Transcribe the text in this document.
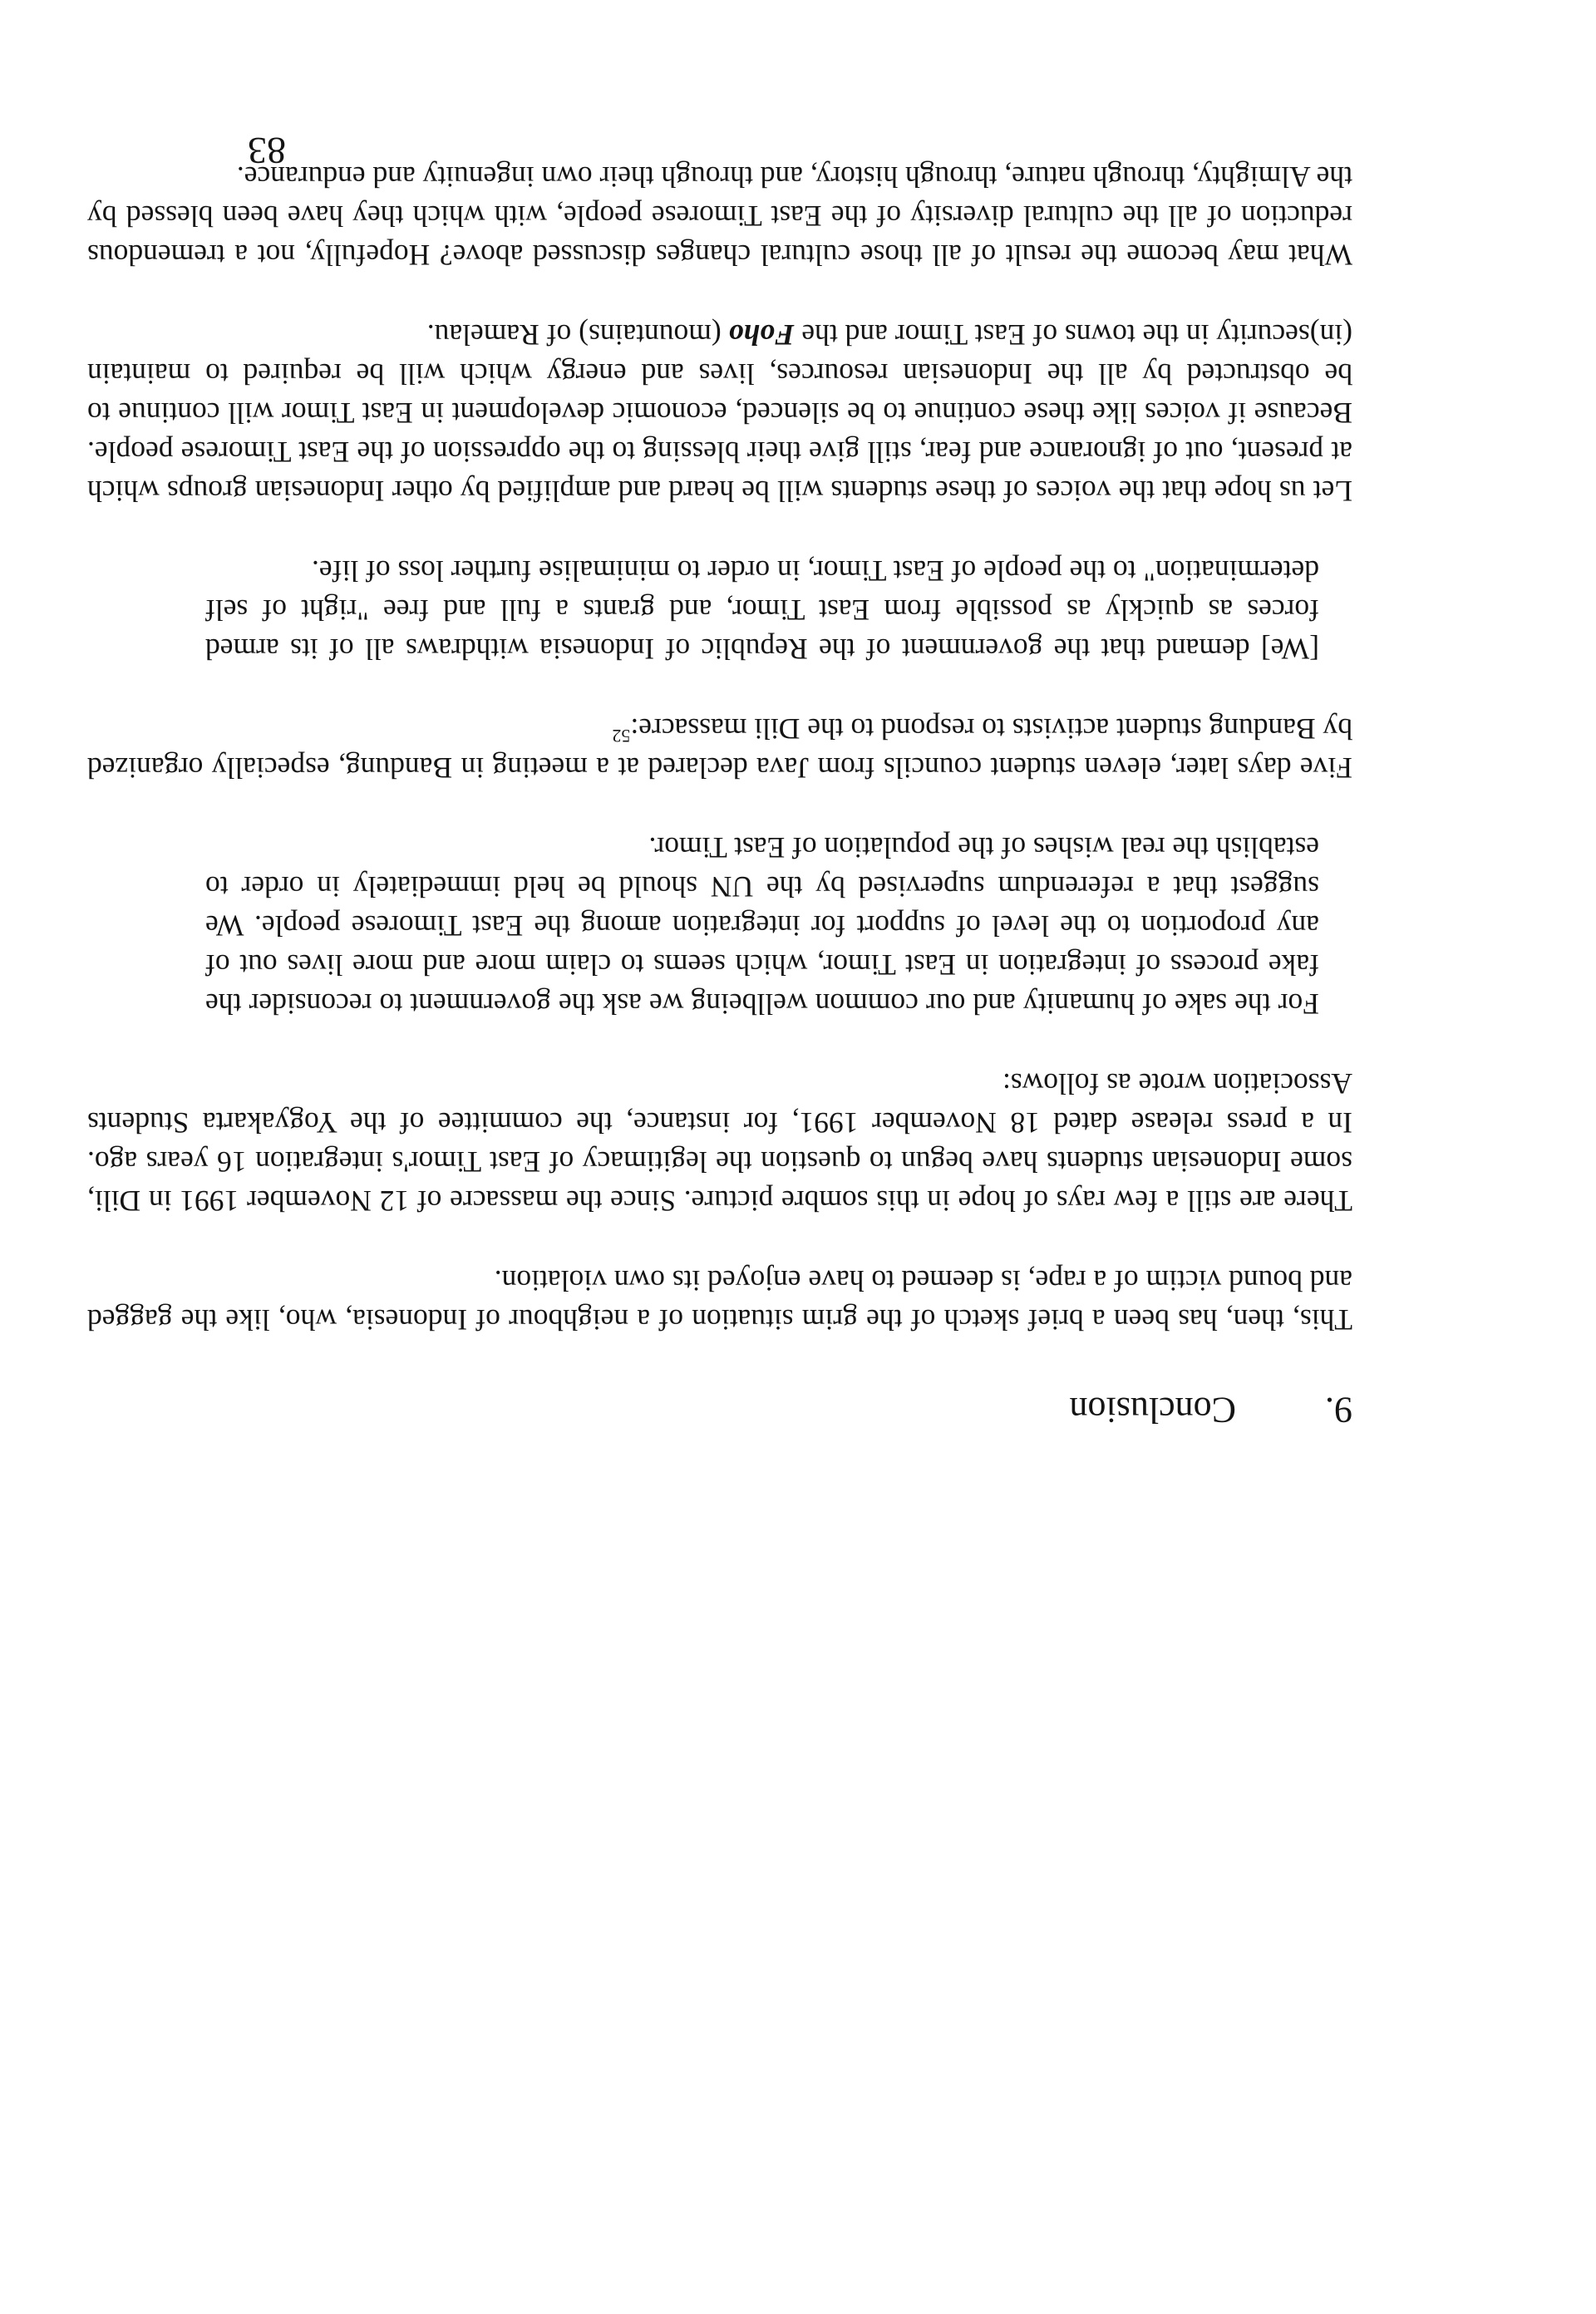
9.
Conclusion

This, then, has been a brief sketch of the grim situation of a neighbour of Indonesia, who, like the gagged and bound victim of a rape, is deemed to have enjoyed its own violation.

There are still a few rays of hope in this sombre picture. Since the massacre of 12 November 1991 in Dili, some Indonesian students have begun to question the legitimacy of East Timor's integration 16 years ago. In a press release dated 18 November 1991, for instance, the committee of the Yogyakarta Students Association wrote as follows:

For the sake of humanity and our common wellbeing we ask the government to reconsider the fake process of integration in East Timor, which seems to claim more and more lives out of any proportion to the level of support for integration among the East Timorese people. We suggest that a referendum supervised by the UN should be held immediately in order to establish the real wishes of the population of East Timor.

Five days later, eleven student councils from Java declared at a meeting in Bandung, especially organized by Bandung student activists to respond to the Dili massacre:$^{52}$

[We] demand that the government of the Republic of Indonesia withdraws all of its armed forces as quickly as possible from East Timor, and grants a full and free "right of self determination" to the people of East Timor, in order to minimalise further loss of life.

Let us hope that the voices of these students will be heard and amplified by other Indonesian groups which at present, out of ignorance and fear, still give their blessing to the oppression of the East Timorese people. Because if voices like these continue to be silenced, economic development in East Timor will continue to be obstructed by all the Indonesian resources, lives and energy which will be required to maintain (in)security in the towns of East Timor and the Foho (mountains) of Ramelau.

What may become the result of all those cultural changes discussed above? Hopefully, not a tremendous reduction of all the cultural diversity of the East Timorese people, with which they have been blessed by the Almighty, through nature, through history, and through their own ingenuity and endurance.

83
